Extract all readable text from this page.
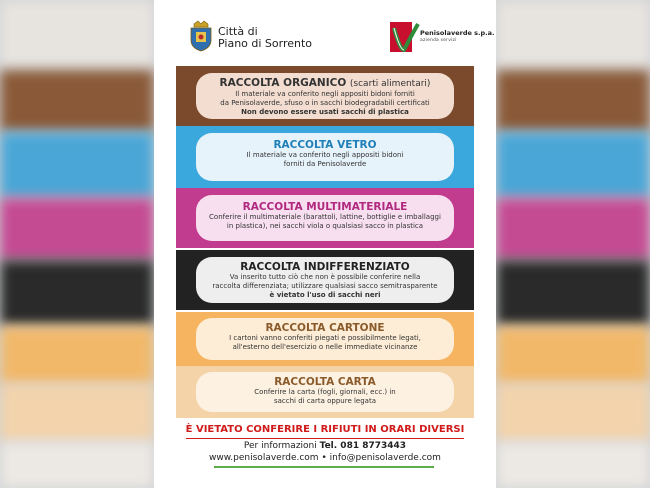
Città di
Piano di Sorrento
Penisolaverde s.p.a.
azienda servizi
RACCOLTA ORGANICO (scarti alimentari)
Il materiale va conferito negli appositi bidoni forniti
da Penisolaverde, sfuso o in sacchi biodegradabili certificati
Non devono essere usati sacchi di plastica
RACCOLTA VETRO
Il materiale va conferito negli appositi bidoni
forniti da Penisolaverde
RACCOLTA MULTIMATERIALE
Conferire il multimateriale (barattoli, lattine, bottiglie e imballaggi
in plastica), nei sacchi viola o qualsiasi sacco in plastica
RACCOLTA INDIFFERENZIATO
Va inserito tutto ciò che non è possibile conferire nella
raccolta differenziata; utilizzare qualsiasi sacco semitrasparente
è vietato l'uso di sacchi neri
RACCOLTA CARTONE
I cartoni vanno conferiti piegati e possibilmente legati,
all'esterno dell'esercizio o nelle immediate vicinanze
RACCOLTA CARTA
Conferire la carta (fogli, giornali, ecc.) in
sacchi di carta oppure legata
È VIETATO CONFERIRE I RIFIUTI IN ORARI DIVERSI
Per informazioni Tel. 081 8773443
www.penisolaverde.com • info@penisolaverde.com
